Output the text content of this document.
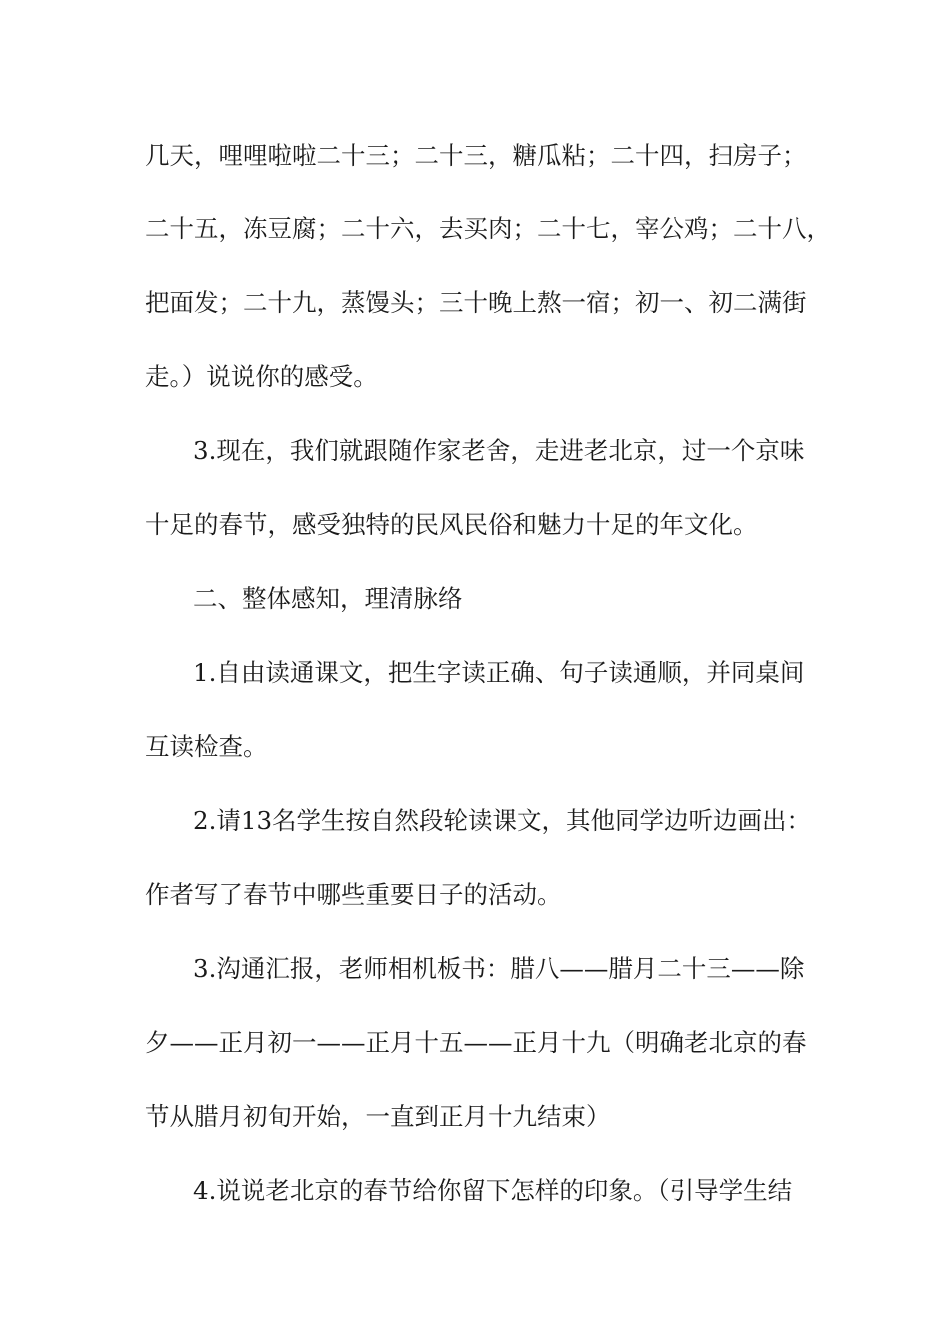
几天，哩哩啦啦二十三；二十三，糖瓜粘；二十四，扫房子；
二十五，冻豆腐；二十六，去买肉；二十七，宰公鸡；二十八，
把面发；二十九，蒸馒头；三十晚上熬一宿；初一、初二满街
走。）说说你的感受。
3.现在，我们就跟随作家老舍，走进老北京，过一个京味
十足的春节，感受独特的民风民俗和魅力十足的年文化。
二、整体感知，理清脉络
1.自由读通课文，把生字读正确、句子读通顺，并同桌间
互读检查。
2.请13名学生按自然段轮读课文，其他同学边听边画出：
作者写了春节中哪些重要日子的活动。
3.沟通汇报，老师相机板书：腊八——腊月二十三——除
夕——正月初一——正月十五——正月十九（明确老北京的春
节从腊月初旬开始，一直到正月十九结束）
4.说说老北京的春节给你留下怎样的印象。（引导学生结
